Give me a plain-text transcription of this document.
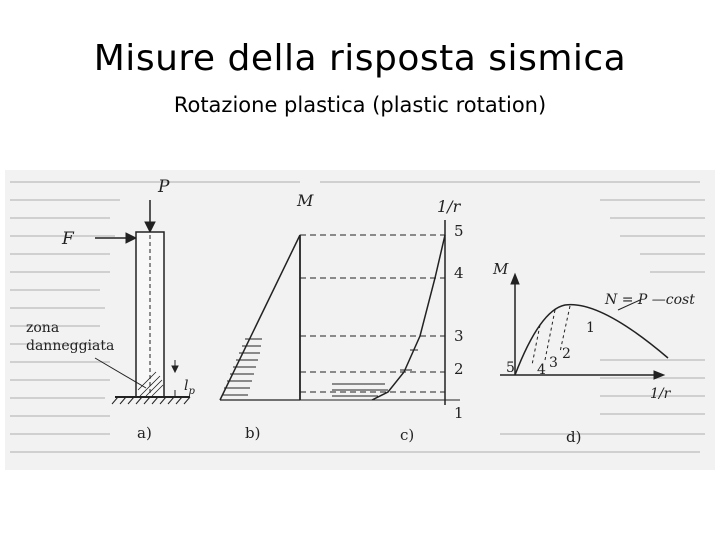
Misure della risposta sismica
Rotazione plastica (plastic rotation)
P
F
zona
danneggiata
$l_p$
a)
M	1/r
5
4
3
2
1
b)	c)
M
N = P —cost
1
2
3
4
5
1/r
d)
